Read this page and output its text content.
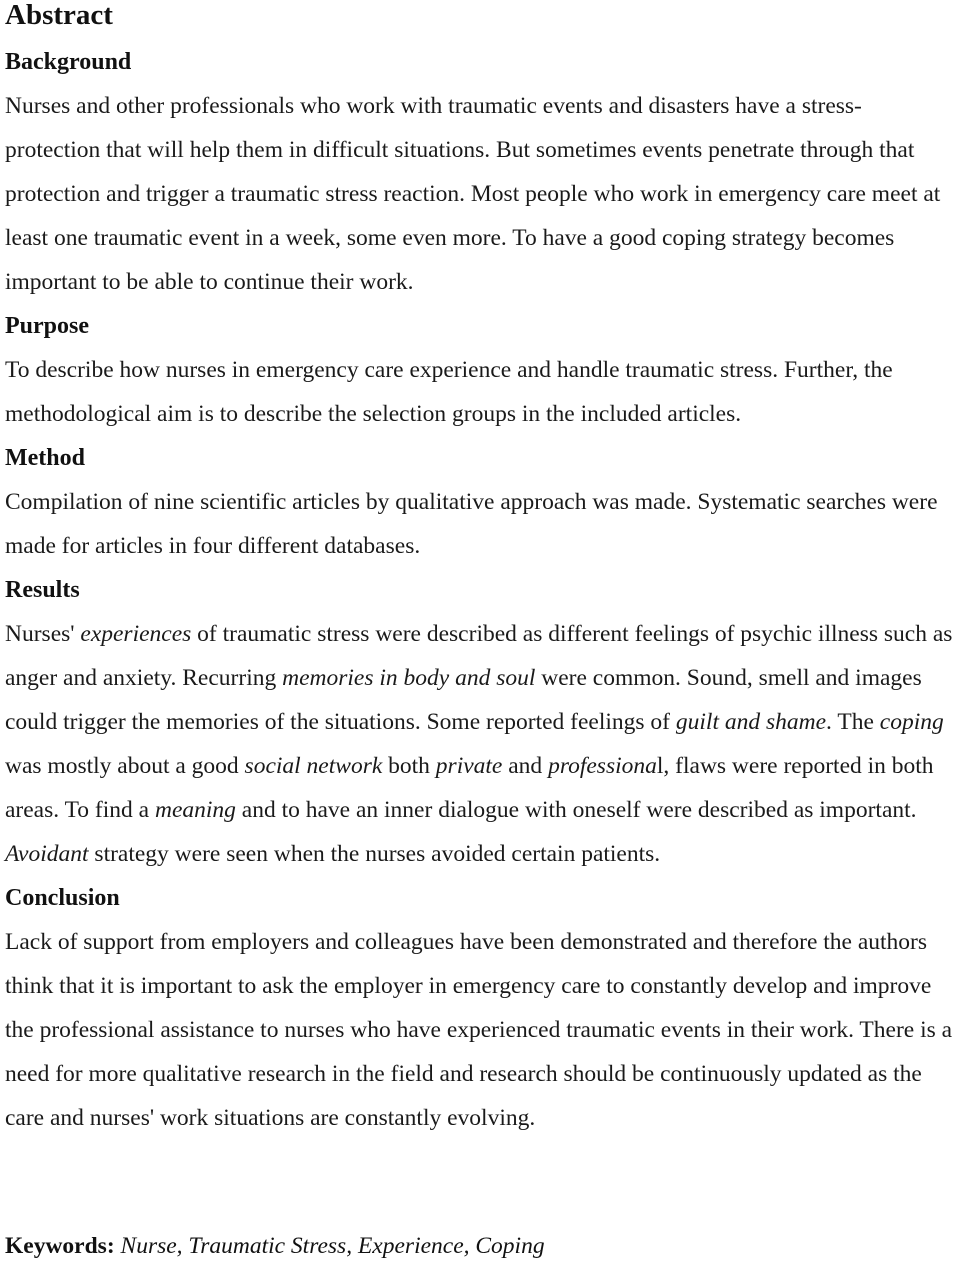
Abstract
Background

Nurses and other professionals who work with traumatic events and disasters have a stress-protection that will help them in difficult situations. But sometimes events penetrate through that protection and trigger a traumatic stress reaction. Most people who work in emergency care meet at least one traumatic event in a week, some even more. To have a good coping strategy becomes important to be able to continue their work.

Purpose

To describe how nurses in emergency care experience and handle traumatic stress. Further, the methodological aim is to describe the selection groups in the included articles.

Method

Compilation of nine scientific articles by qualitative approach was made. Systematic searches were made for articles in four different databases.

Results

Nurses' experiences of traumatic stress were described as different feelings of psychic illness such as anger and anxiety. Recurring memories in body and soul were common. Sound, smell and images could trigger the memories of the situations. Some reported feelings of guilt and shame. The coping was mostly about a good social network both private and professional, flaws were reported in both areas. To find a meaning and to have an inner dialogue with oneself were described as important. Avoidant strategy were seen when the nurses avoided certain patients.

Conclusion

Lack of support from employers and colleagues have been demonstrated and therefore the authors think that it is important to ask the employer in emergency care to constantly develop and improve the professional assistance to nurses who have experienced traumatic events in their work. There is a need for more qualitative research in the field and research should be continuously updated as the care and nurses' work situations are constantly evolving.

Keywords: Nurse, Traumatic Stress, Experience, Coping
